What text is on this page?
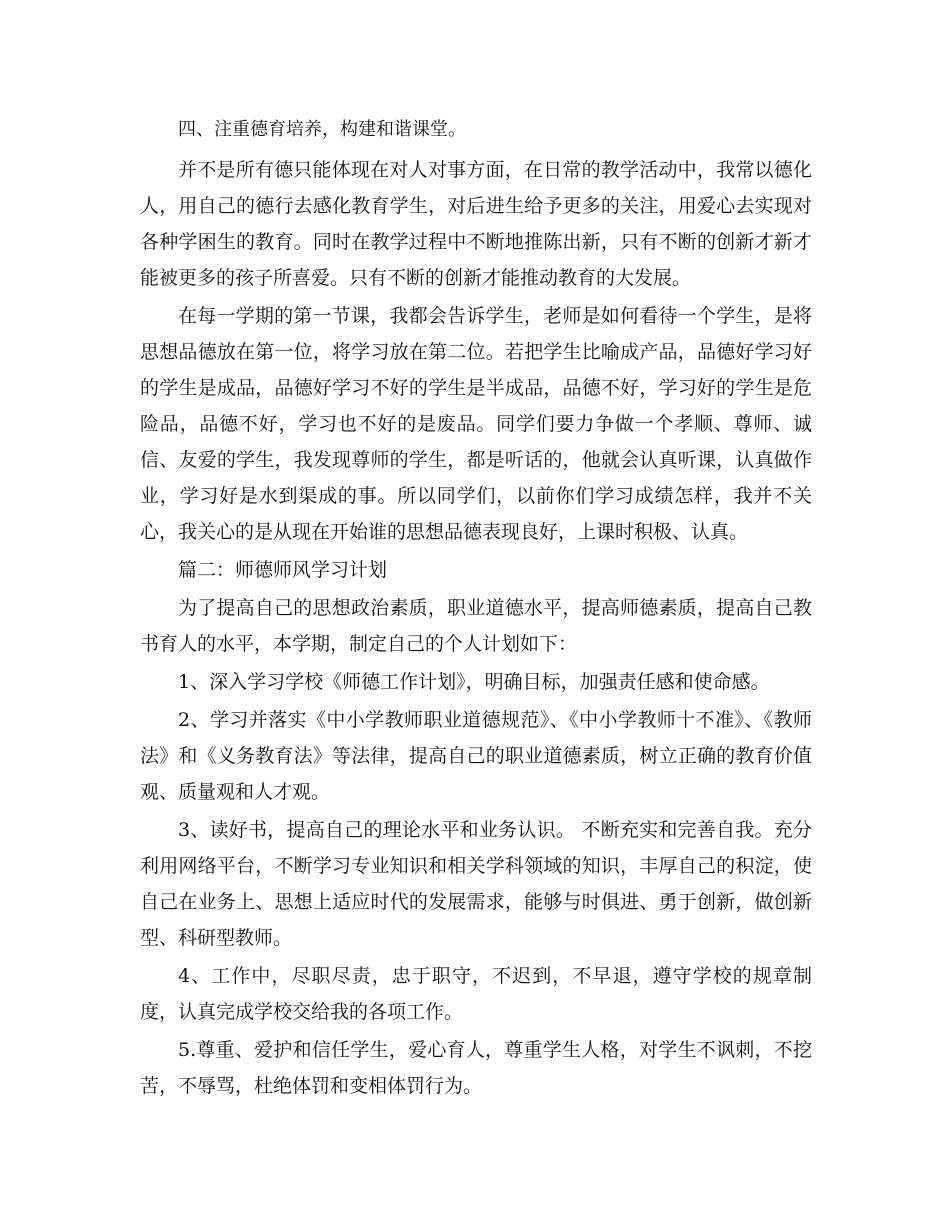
四、注重德育培养，构建和谐课堂。

并不是所有德只能体现在对人对事方面，在日常的教学活动中，我常以德化人，用自己的德行去感化教育学生，对后进生给予更多的关注，用爱心去实现对各种学困生的教育。同时在教学过程中不断地推陈出新，只有不断的创新才新才能被更多的孩子所喜爱。只有不断的创新才能推动教育的大发展。

在每一学期的第一节课，我都会告诉学生，老师是如何看待一个学生，是将思想品德放在第一位，将学习放在第二位。若把学生比喻成产品，品德好学习好的学生是成品，品德好学习不好的学生是半成品，品德不好，学习好的学生是危险品，品德不好，学习也不好的是废品。同学们要力争做一个孝顺、尊师、诚信、友爱的学生，我发现尊师的学生，都是听话的，他就会认真听课，认真做作业，学习好是水到渠成的事。所以同学们，以前你们学习成绩怎样，我并不关心，我关心的是从现在开始谁的思想品德表现良好，上课时积极、认真。

篇二：师德师风学习计划

为了提高自己的思想政治素质，职业道德水平，提高师德素质，提高自己教书育人的水平，本学期，制定自己的个人计划如下：

1、深入学习学校《师德工作计划》，明确目标，加强责任感和使命感。

2、学习并落实《中小学教师职业道德规范》、《中小学教师十不准》、《教师法》和《义务教育法》等法律，提高自己的职业道德素质，树立正确的教育价值观、质量观和人才观。

3、读好书，提高自己的理论水平和业务认识。 不断充实和完善自我。充分利用网络平台，不断学习专业知识和相关学科领域的知识，丰厚自己的积淀，使自己在业务上、思想上适应时代的发展需求，能够与时俱进、勇于创新，做创新型、科研型教师。

4、工作中，尽职尽责，忠于职守，不迟到，不早退，遵守学校的规章制度，认真完成学校交给我的各项工作。

5.尊重、爱护和信任学生，爱心育人，尊重学生人格，对学生不讽刺，不挖苦，不辱骂，杜绝体罚和变相体罚行为。
